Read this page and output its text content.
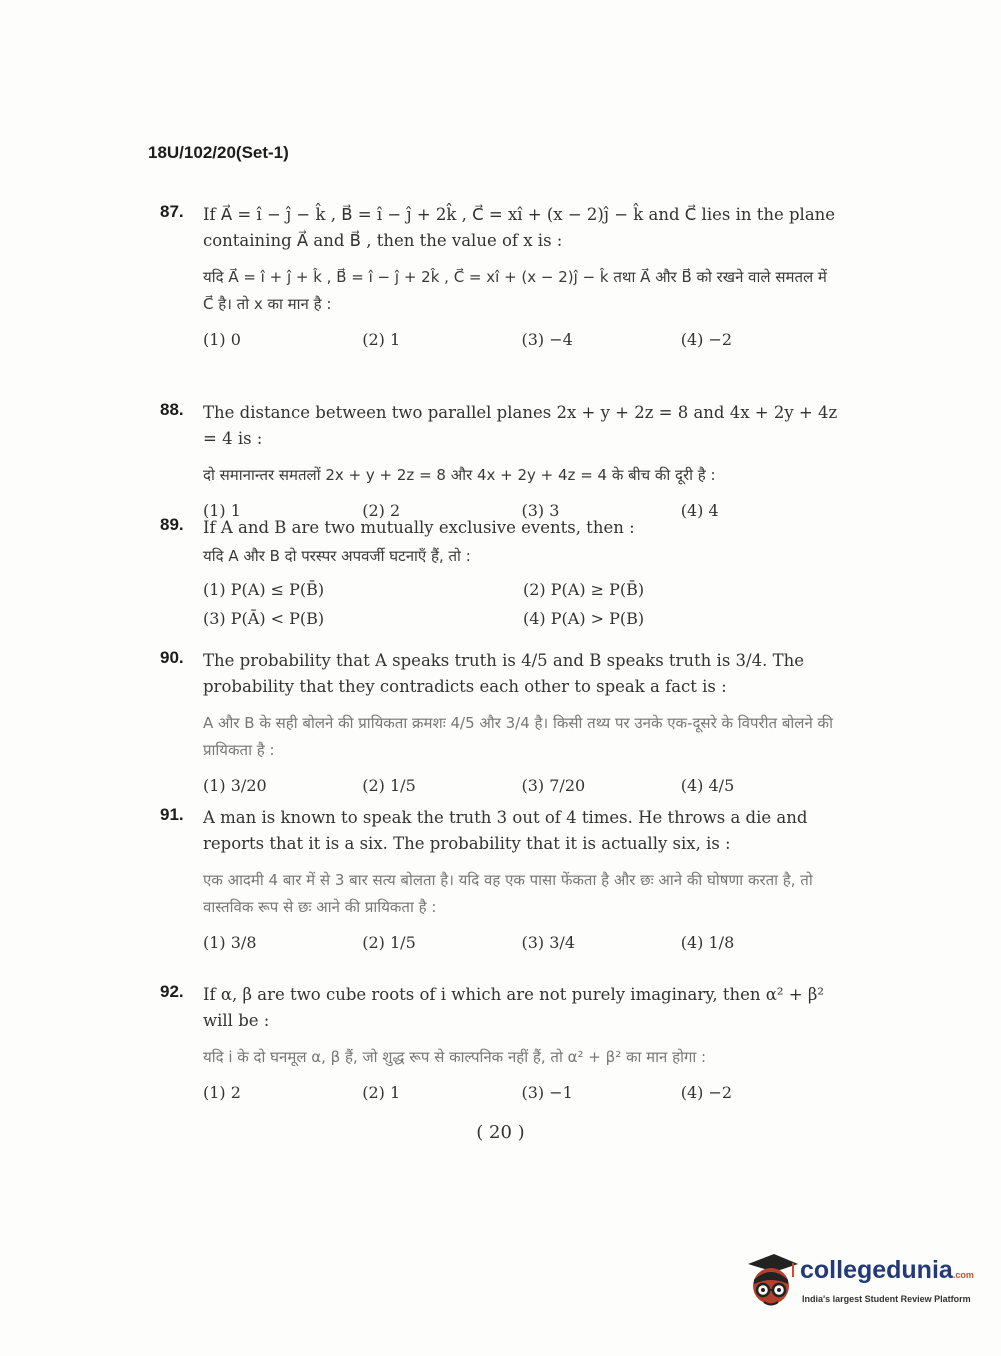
18U/102/20(Set-1)
87. If A⃗ = î − ĵ − k̂ , B⃗ = î − ĵ + 2k̂ , C⃗ = xî + (x − 2)ĵ − k̂ and C⃗ lies in the plane containing A⃗ and B⃗ , then the value of x is :

यदि A⃗ = î + ĵ + k̂ , B⃗ = î − ĵ + 2k̂ , C⃗ = xî + (x − 2)ĵ − k̂ तथा A⃗ और B⃗ को रखने वाले समतल में C⃗ है। तो x का मान है :

(1) 0	(2) 1	(3) −4	(4) −2
88. The distance between two parallel planes 2x + y + 2z = 8 and 4x + 2y + 4z = 4 is :

दो समानान्तर समतलों 2x + y + 2z = 8 और 4x + 2y + 4z = 4 के बीच की दूरी है :

(1) 1	(2) 2	(3) 3	(4) 4
89. If A and B are two mutually exclusive events, then :

यदि A और B दो परस्पर अपवर्जी घटनाएँ हैं, तो :

(1) P(A) ≤ P(B̄)	(2) P(A) ≥ P(B̄)
(3) P(Ā) < P(B)	(4) P(A) > P(B)
90. The probability that A speaks truth is 4/5 and B speaks truth is 3/4. The probability that they contradicts each other to speak a fact is :

A और B के सही बोलने की प्रायिकता क्रमशः 4/5 और 3/4 है। किसी तथ्य पर उनके एक-दूसरे के विपरीत बोलने की प्रायिकता है :

(1) 3/20	(2) 1/5	(3) 7/20	(4) 4/5
91. A man is known to speak the truth 3 out of 4 times. He throws a die and reports that it is a six. The probability that it is actually six, is :

एक आदमी 4 बार में से 3 बार सत्य बोलता है। यदि वह एक पासा फेंकता है और छः आने की घोषणा करता है, तो वास्तविक रूप से छः आने की प्रायिकता है :

(1) 3/8	(2) 1/5	(3) 3/4	(4) 1/8
92. If α, β are two cube roots of i which are not purely imaginary, then α² + β² will be :

यदि i के दो घनमूल α, β हैं, जो शुद्ध रूप से काल्पनिक नहीं हैं, तो α² + β² का मान होगा :

(1) 2	(2) 1	(3) −1	(4) −2
( 20 )
collegedunia.com
India's largest Student Review Platform
